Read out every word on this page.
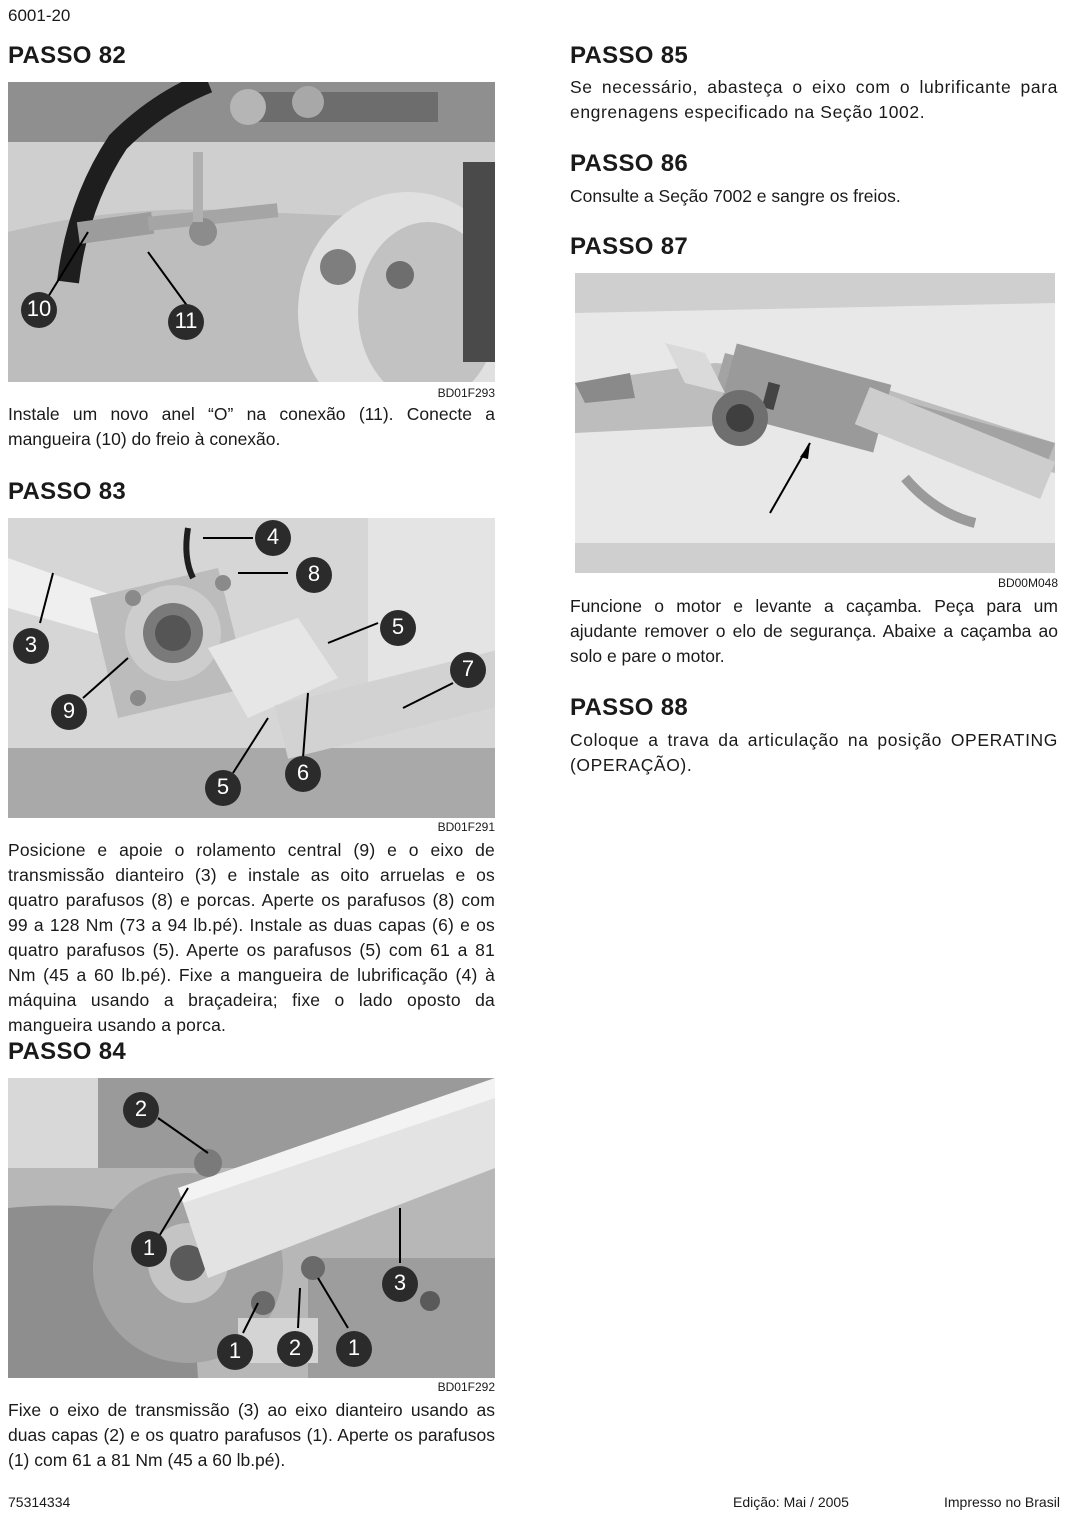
6001-20
PASSO 82
10	11
BD01F293
Instale um novo anel “O” na conexão (11). Conecte a mangueira (10) do freio à conexão.
PASSO 83
4
8
3
5
7
9
6
5
BD01F291
Posicione e apoie o rolamento central (9) e o eixo de transmissão dianteiro (3) e instale as oito arruelas e os quatro parafusos (8) e porcas. Aperte os parafusos (8) com 99 a 128 Nm (73 a 94 lb.pé). Instale as duas capas (6) e os quatro parafusos (5). Aperte os parafusos (5) com 61 a 81 Nm (45 a 60 lb.pé). Fixe a mangueira de lubrificação (4) à máquina usando a braçadeira; fixe o lado oposto da mangueira usando a porca.
PASSO 84
2
1
3
1	2	1
BD01F292
Fixe o eixo de transmissão (3) ao eixo dianteiro usando as duas capas (2) e os quatro parafusos (1). Aperte os parafusos (1) com 61 a 81 Nm (45 a 60 lb.pé).
PASSO 85
Se necessário, abasteça o eixo com o lubrificante para engrenagens especificado na Seção 1002.
PASSO 86
Consulte a Seção 7002 e sangre os freios.
PASSO 87
BD00M048
Funcione o motor e levante a caçamba. Peça para um ajudante remover o elo de segurança. Abaixe a caçamba ao solo e pare o motor.
PASSO 88
Coloque a trava da articulação na posição OPERATING (OPERAÇÃO).
75314334	Edição: Mai / 2005	Impresso no Brasil
